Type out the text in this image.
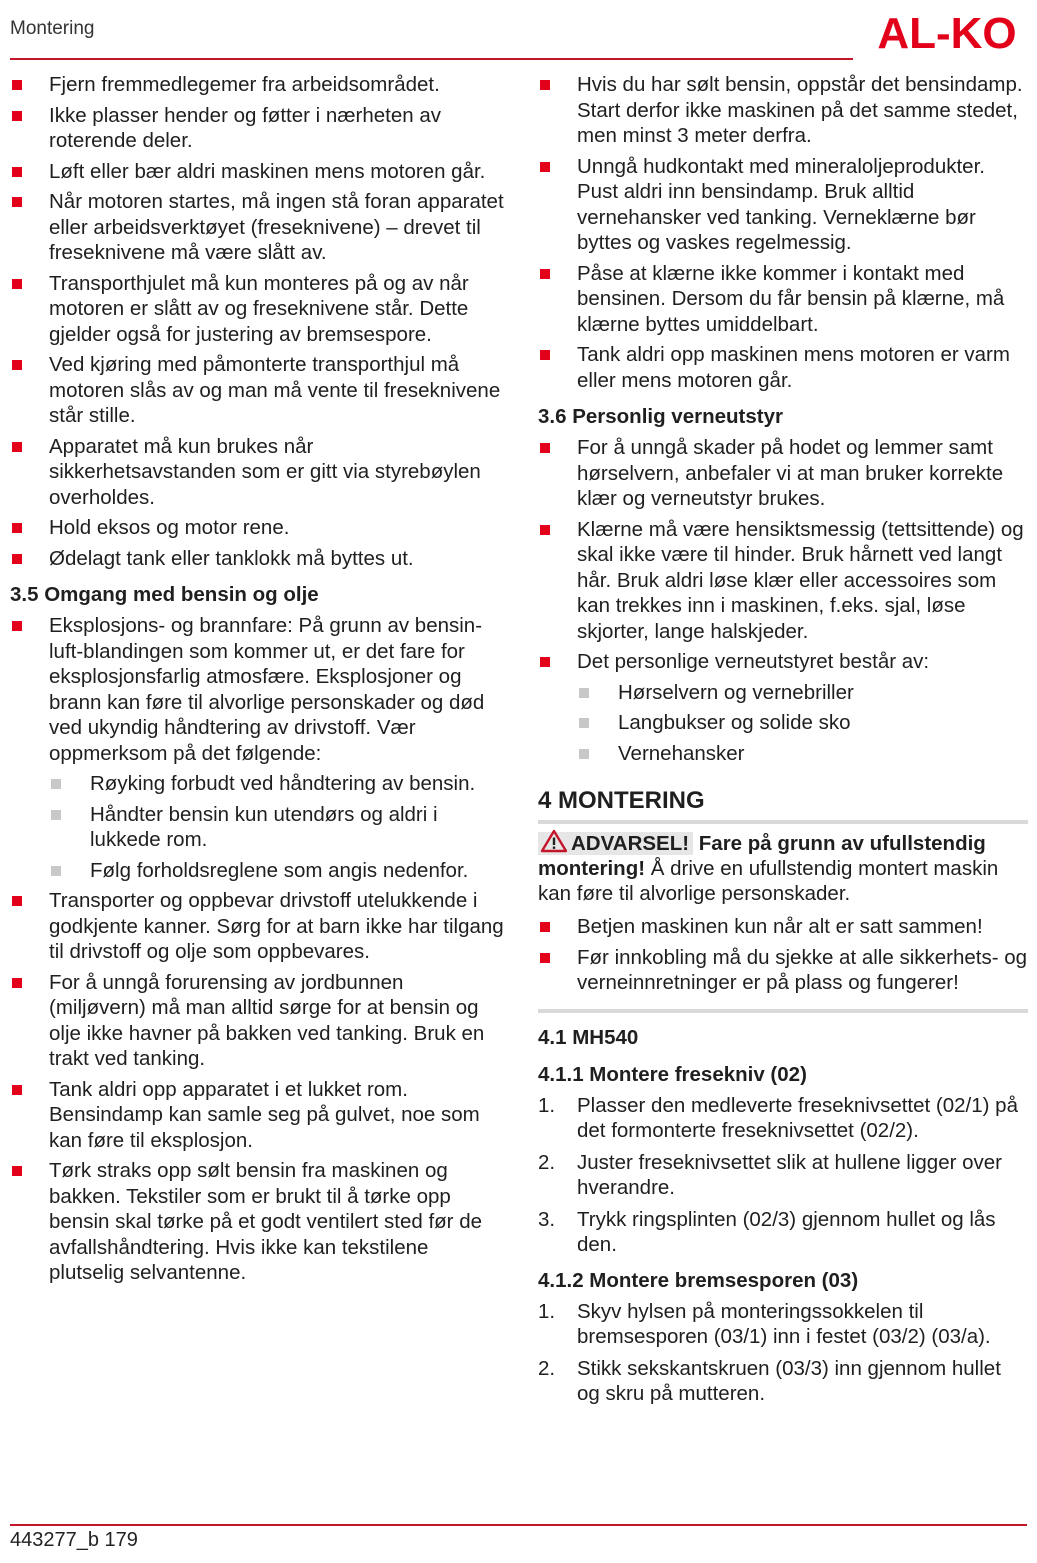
Montering	AL-KO
Fjern fremmedlegemer fra arbeidsområdet.
Ikke plasser hender og føtter i nærheten av roterende deler.
Løft eller bær aldri maskinen mens motoren går.
Når motoren startes, må ingen stå foran apparatet eller arbeidsverktøyet (freseknivene) – drevet til freseknivene må være slått av.
Transporthjulet må kun monteres på og av når motoren er slått av og freseknivene står. Dette gjelder også for justering av bremsespore.
Ved kjøring med påmonterte transporthjul må motoren slås av og man må vente til freseknivene står stille.
Apparatet må kun brukes når sikkerhetsavstanden som er gitt via styrebøylen overholdes.
Hold eksos og motor rene.
Ødelagt tank eller tanklokk må byttes ut.
3.5 Omgang med bensin og olje
Eksplosjons- og brannfare: På grunn av bensin-luft-blandingen som kommer ut, er det fare for eksplosjonsfarlig atmosfære. Eksplosjoner og brann kan føre til alvorlige personskader og død ved ukyndig håndtering av drivstoff. Vær oppmerksom på det følgende:
Røyking forbudt ved håndtering av bensin.
Håndter bensin kun utendørs og aldri i lukkede rom.
Følg forholdsreglene som angis nedenfor.
Transporter og oppbevar drivstoff utelukkende i godkjente kanner. Sørg for at barn ikke har tilgang til drivstoff og olje som oppbevares.
For å unngå forurensing av jordbunnen (miljøvern) må man alltid sørge for at bensin og olje ikke havner på bakken ved tanking. Bruk en trakt ved tanking.
Tank aldri opp apparatet i et lukket rom. Bensindamp kan samle seg på gulvet, noe som kan føre til eksplosjon.
Tørk straks opp sølt bensin fra maskinen og bakken. Tekstiler som er brukt til å tørke opp bensin skal tørke på et godt ventilert sted før de avfallshåndtering. Hvis ikke kan tekstilene plutselig selvantenne.
Hvis du har sølt bensin, oppstår det bensindamp. Start derfor ikke maskinen på det samme stedet, men minst 3 meter derfra.
Unngå hudkontakt med mineraloljeprodukter. Pust aldri inn bensindamp. Bruk alltid vernehansker ved tanking. Verneklærne bør byttes og vaskes regelmessig.
Påse at klærne ikke kommer i kontakt med bensinen. Dersom du får bensin på klærne, må klærne byttes umiddelbart.
Tank aldri opp maskinen mens motoren er varm eller mens motoren går.
3.6 Personlig verneutstyr
For å unngå skader på hodet og lemmer samt hørselvern, anbefaler vi at man bruker korrekte klær og verneutstyr brukes.
Klærne må være hensiktsmessig (tettsittende) og skal ikke være til hinder. Bruk hårnett ved langt hår. Bruk aldri løse klær eller accessoires som kan trekkes inn i maskinen, f.eks. sjal, løse skjorter, lange halskjeder.
Det personlige verneutstyret består av:
Hørselvern og vernebriller
Langbukser og solide sko
Vernehansker
4 MONTERING
ADVARSEL! Fare på grunn av ufullstendig montering! Å drive en ufullstendig montert maskin kan føre til alvorlige personskader.
Betjen maskinen kun når alt er satt sammen!
Før innkobling må du sjekke at alle sikkerhets- og verneinnretninger er på plass og fungerer!
4.1 MH540
4.1.1 Montere fresekniv (02)
1. Plasser den medleverte freseknivsettet (02/1) på det formonterte freseknivsettet (02/2).
2. Juster freseknivsettet slik at hullene ligger over hverandre.
3. Trykk ringsplinten (02/3) gjennom hullet og lås den.
4.1.2 Montere bremsesporen (03)
1. Skyv hylsen på monteringssokkelen til bremsesporen (03/1) inn i festet (03/2) (03/a).
2. Stikk sekskantskruen (03/3) inn gjennom hullet og skru på mutteren.
443277_b 179
